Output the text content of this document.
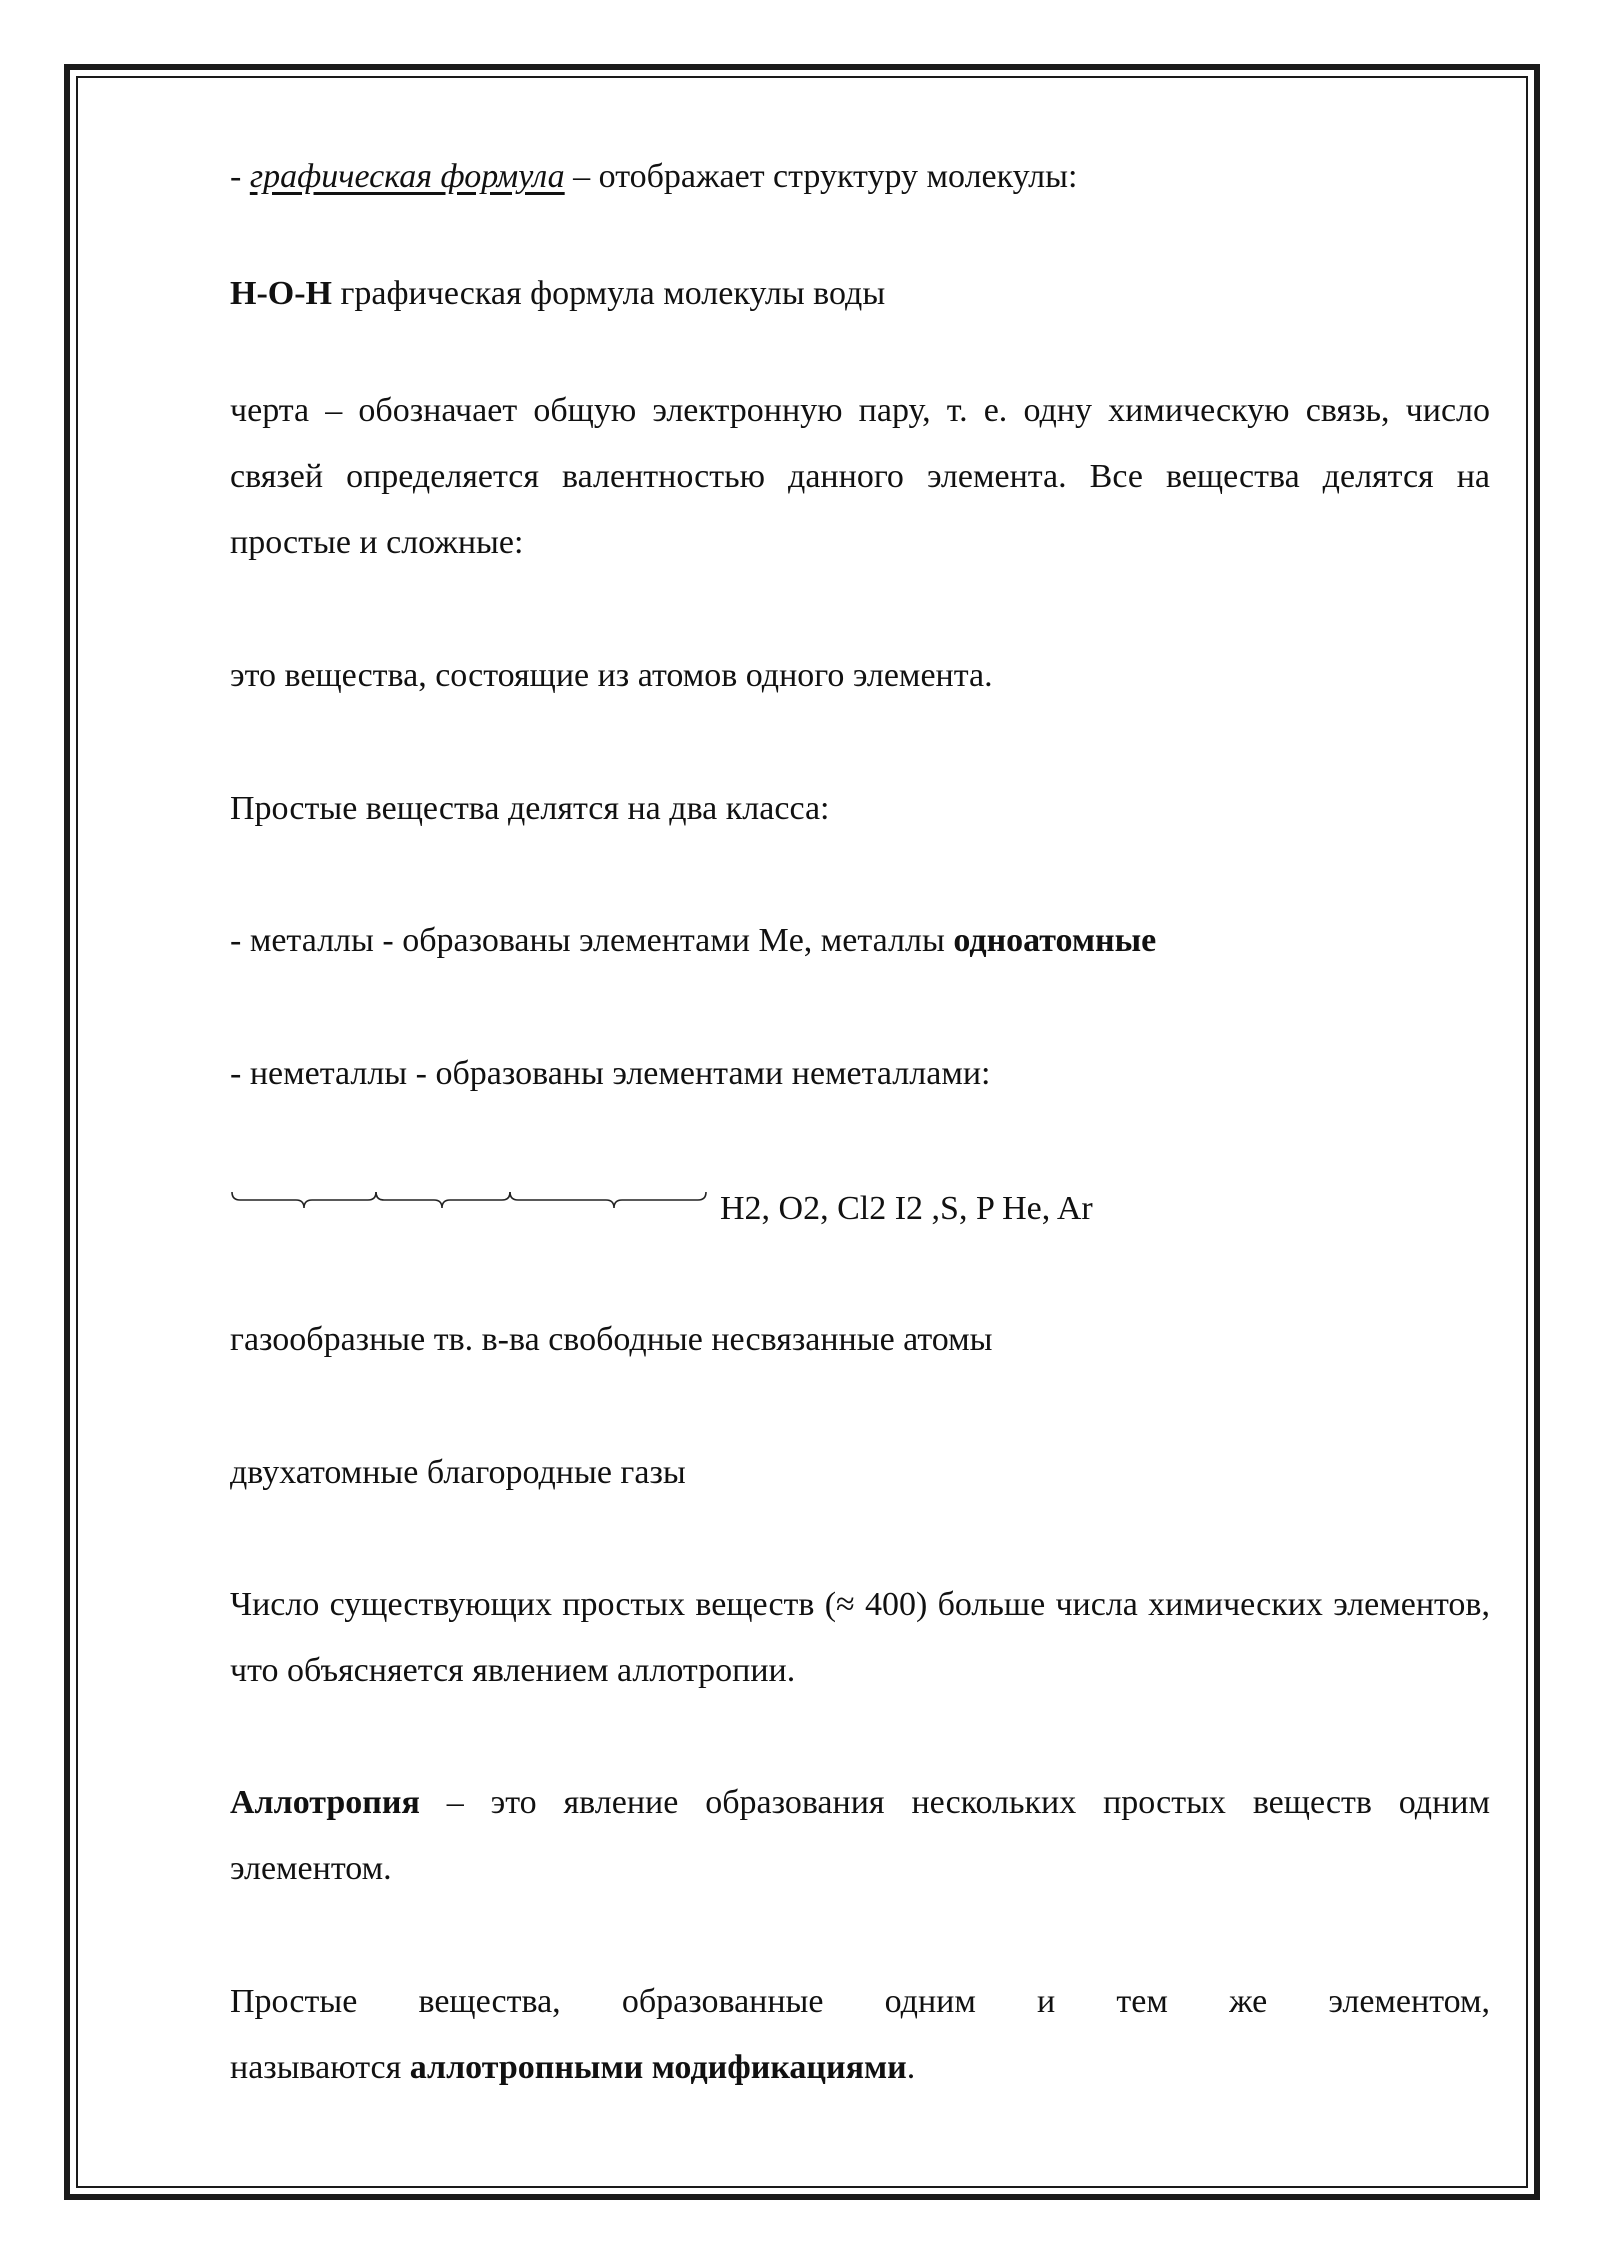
- графическая формула – отображает структуру молекулы:

H-O-H графическая формула молекулы воды

черта – обозначает общую электронную пару, т. е. одну химическую связь, число связей определяется валентностью данного элемента. Все вещества делятся на простые и сложные:

это вещества, состоящие из атомов одного элемента.

Простые вещества делятся на два класса:

- металлы - образованы элементами Me, металлы одноатомные

- неметаллы - образованы элементами неметаллами:

H2, O2, Cl2 I2 ,S, P He, Ar

газообразные тв. в-ва свободные несвязанные атомы

двухатомные благородные газы

Число существующих простых веществ (≈ 400) больше числа химических элементов, что объясняется явлением аллотропии.

Аллотропия – это явление образования нескольких простых веществ одним элементом.

Простые вещества, образованные одним и тем же элементом,
называются аллотропными модификациями.
